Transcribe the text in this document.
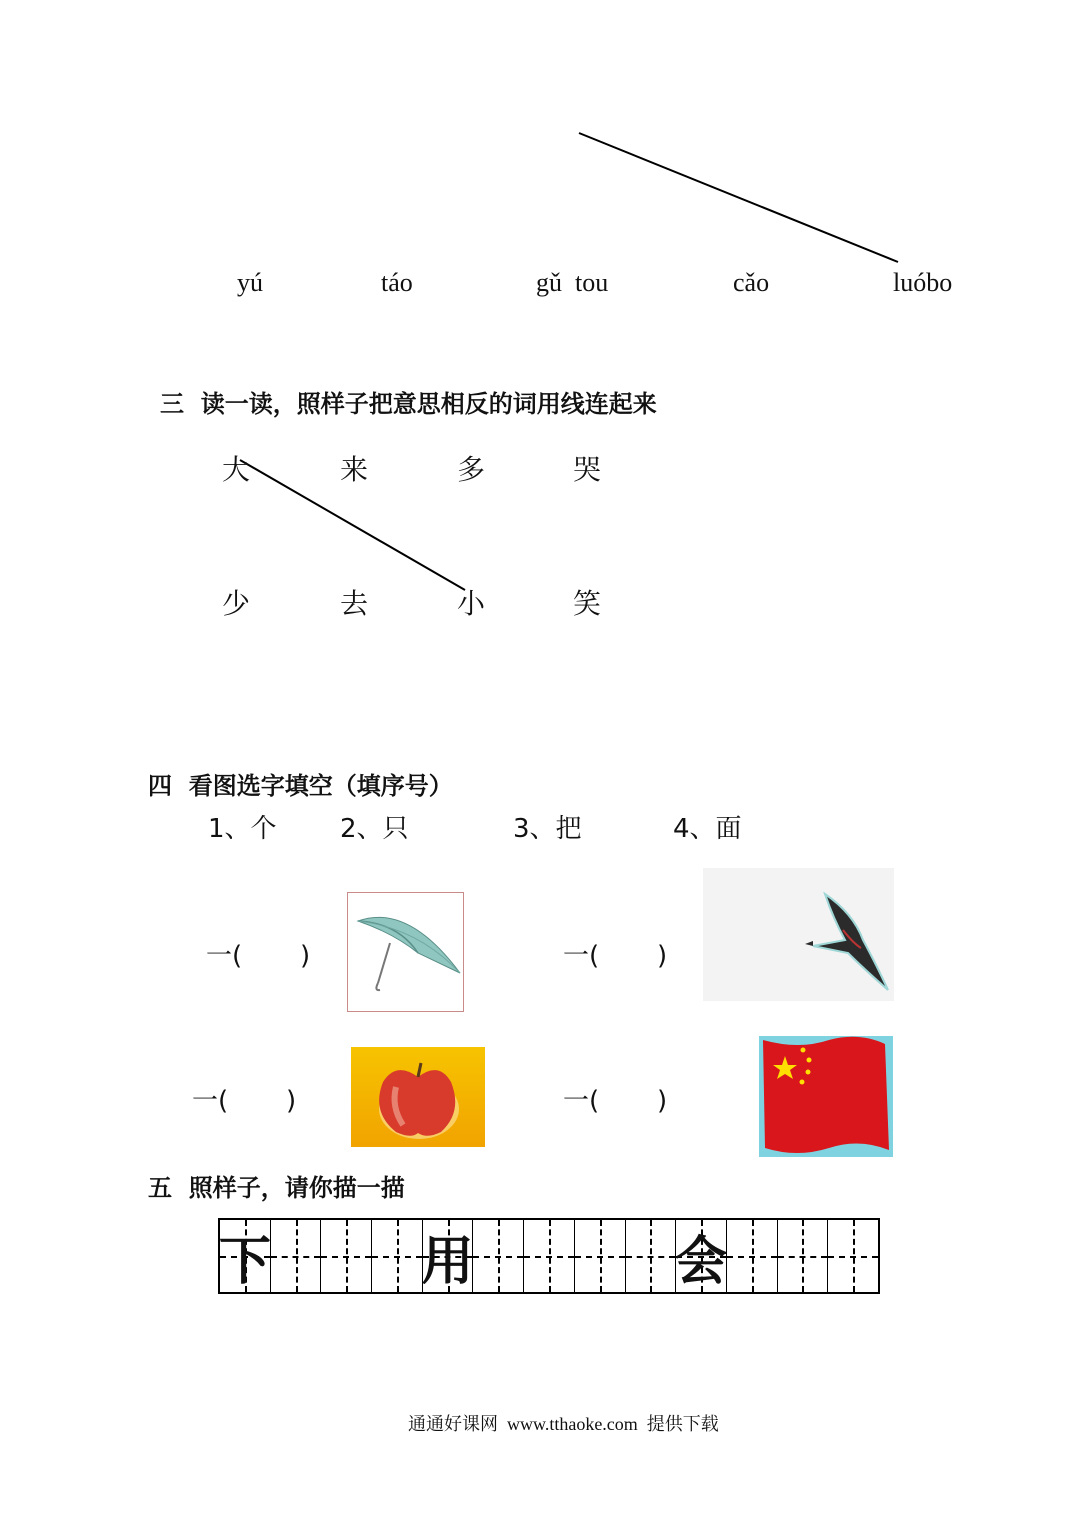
yú	táo	gǔ  tou	cǎo	luóbo
三  读一读，照样子把意思相反的词用线连起来
大	来	多	哭
少	去	小	笑
四  看图选字填空（填序号）
1、个 2、只	3、把	4、面
一(       )	一(       )
一(       )	一(       )
五  照样子，请你描一描
下	用	会
通通好课网  www.tthaoke.com  提供下载
